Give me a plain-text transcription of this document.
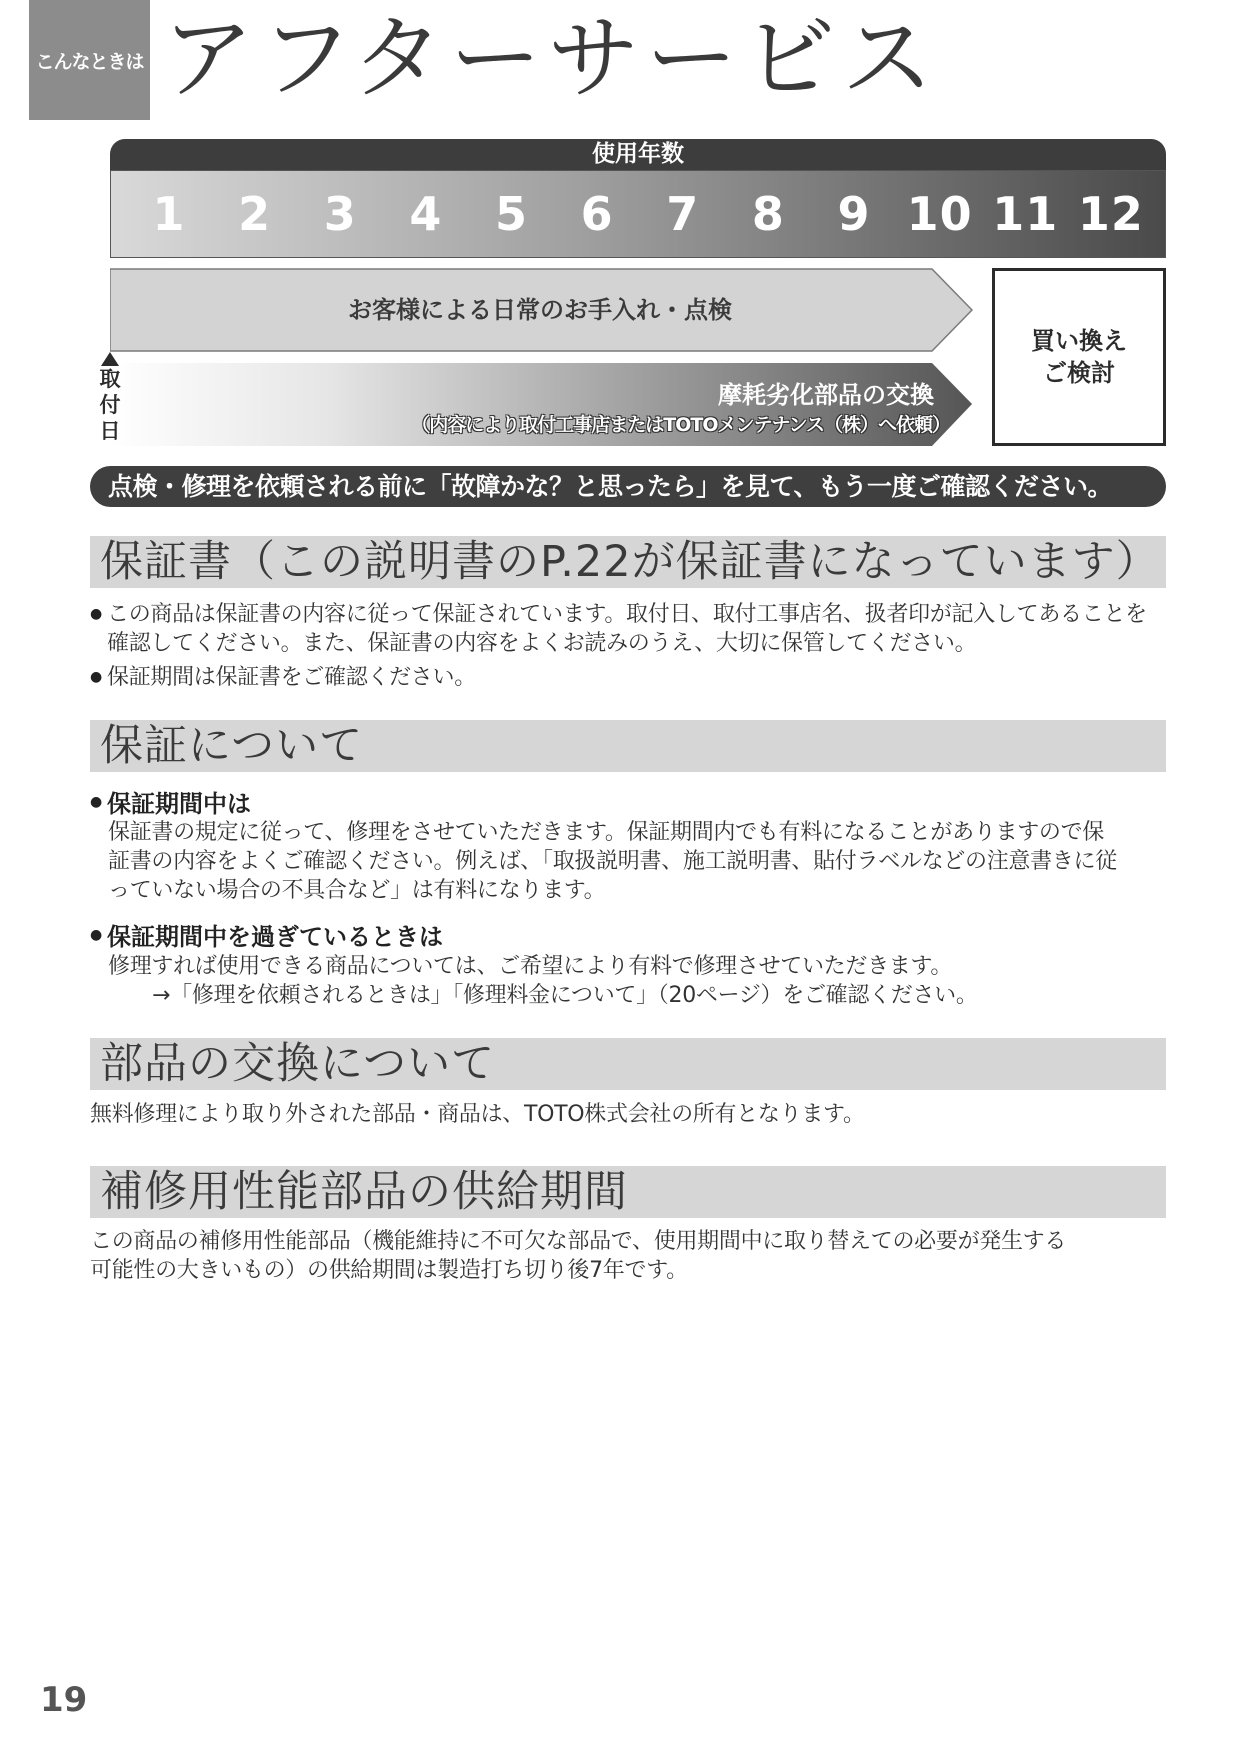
こんなときは アフターサービス
使用年数
1	2	3	4	5	6	7	8	9 10 11 12
お客様による日常のお手入れ・点検
摩耗劣化部品の交換
（内容により取付工事店またはTOTOメンテナンス（株）へ依頼）
買い換え
ご検討
取
付
日
点検・修理を依頼される前に「故障かな？と思ったら」を見て、もう一度ご確認ください。
保証書（この説明書のP.22が保証書になっています）
● この商品は保証書の内容に従って保証されています。取付日、取付工事店名、扱者印が記入してあることを
確認してください。また、保証書の内容をよくお読みのうえ、大切に保管してください。
● 保証期間は保証書をご確認ください。
保証について
● 保証期間中は
保証書の規定に従って、修理をさせていただきます。保証期間内でも有料になることがありますので保
証書の内容をよくご確認ください。例えば、「取扱説明書、施工説明書、貼付ラベルなどの注意書きに従
っていない場合の不具合など」は有料になります。
● 保証期間中を過ぎているときは
修理すれば使用できる商品については、ご希望により有料で修理させていただきます。
→「修理を依頼されるときは」「修理料金について」（20ページ）をご確認ください。
部品の交換について
無料修理により取り外された部品・商品は、TOTO株式会社の所有となります。
補修用性能部品の供給期間
この商品の補修用性能部品（機能維持に不可欠な部品で、使用期間中に取り替えての必要が発生する
可能性の大きいもの）の供給期間は製造打ち切り後7年です。
19
